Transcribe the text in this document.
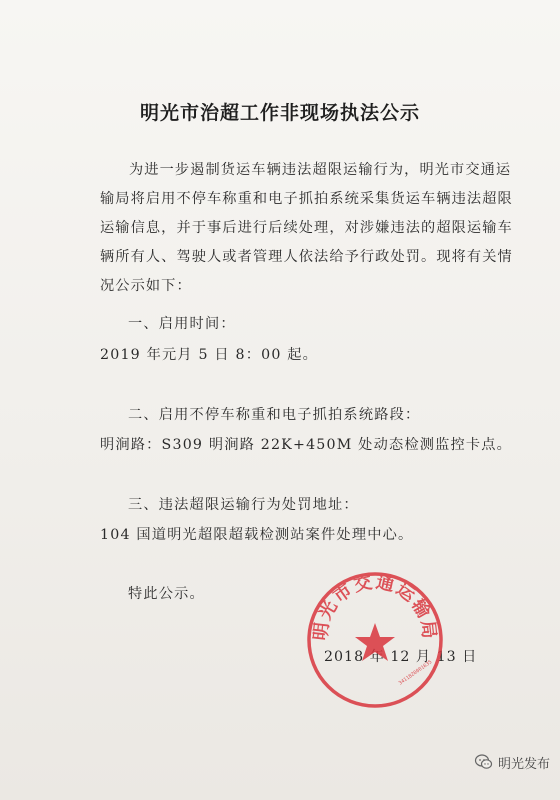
明光市治超工作非现场执法公示
为进一步遏制货运车辆违法超限运输行为，明光市交通运输局将启用不停车称重和电子抓拍系统采集货运车辆违法超限运输信息，并于事后进行后续处理，对涉嫌违法的超限运输车辆所有人、驾驶人或者管理人依法给予行政处罚。现将有关情况公示如下：
一、启用时间：
2019 年元月 5 日 8：00 起。
二、启用不停车称重和电子抓拍系统路段：
明涧路：S309 明涧路 22K+450M 处动态检测监控卡点。
三、违法超限运输行为处罚地址：
104 国道明光超限超载检测站案件处理中心。
特此公示。
2018 年 12 月 13 日
明光市交通运输局
3411820001635
明光发布
